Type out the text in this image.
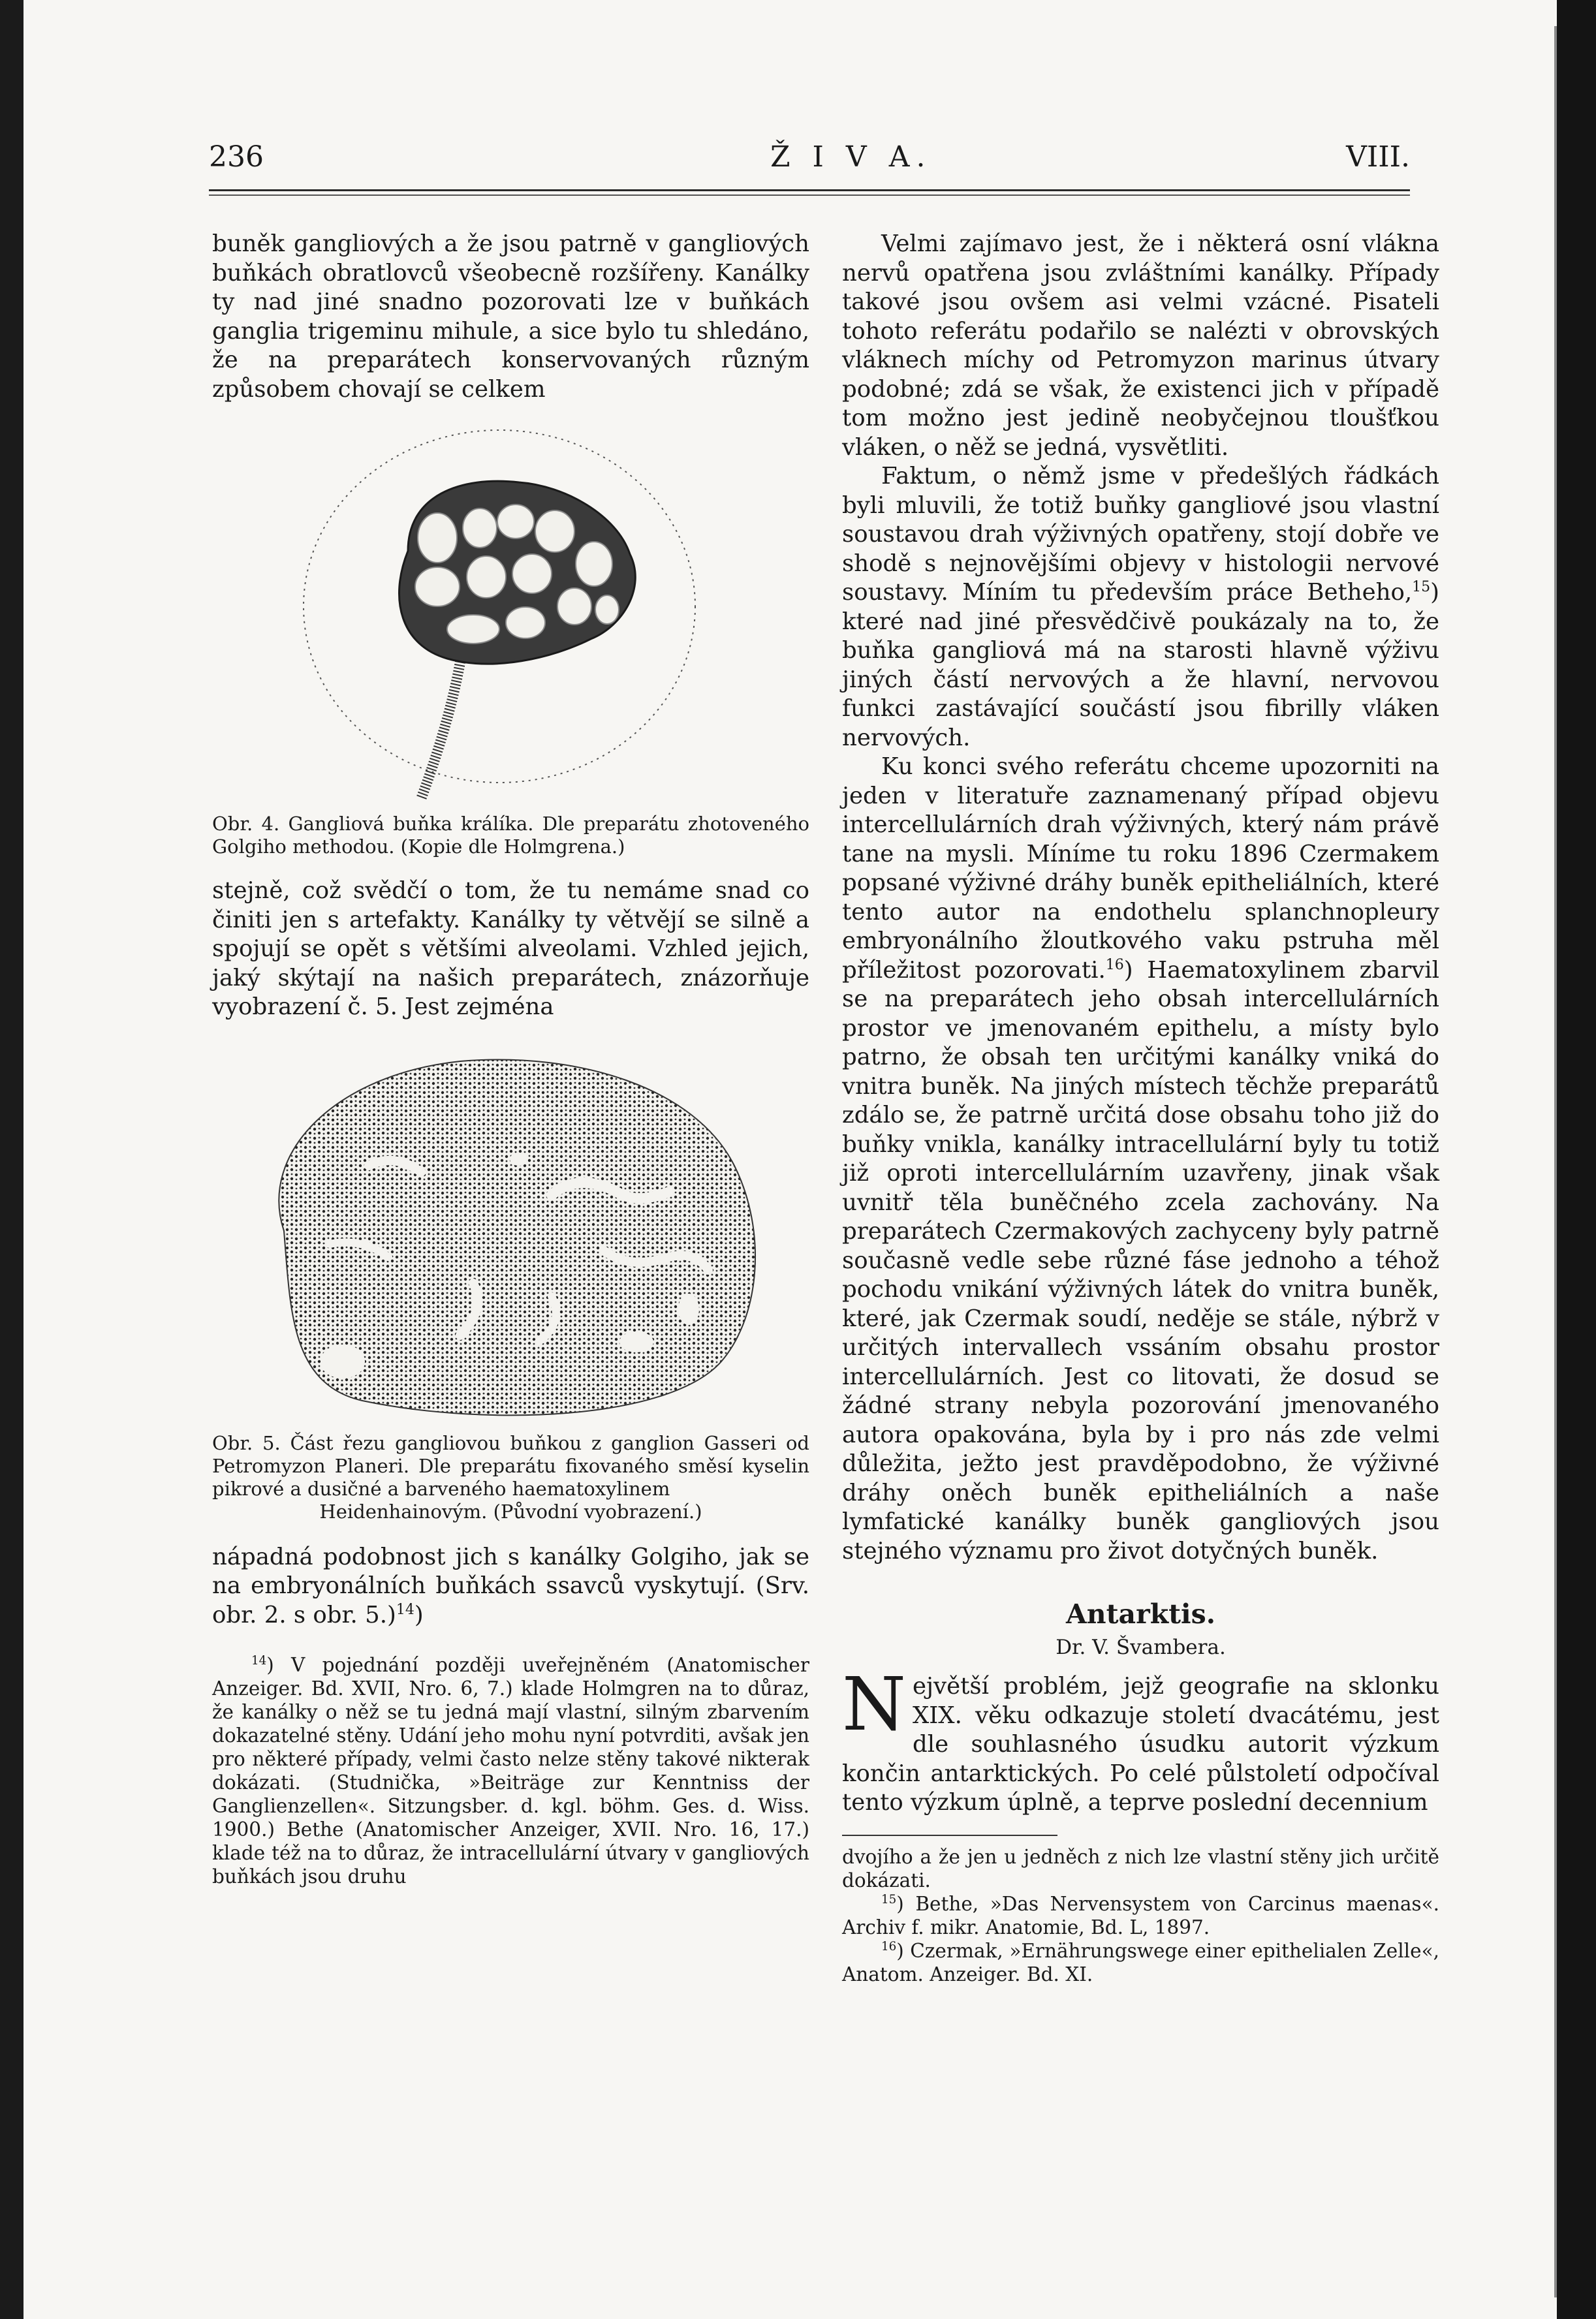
236	Ž I V A.	VIII.

buněk gangliových a že jsou patrně v gangliových buňkách obratlovců všeobecně rozšířeny. Kanálky ty nad jiné snadno pozorovati lze v buňkách ganglia trigeminu mihule, a sice bylo tu shledáno, že na preparátech konservovaných různým způsobem chovají se celkem

Obr. 4. Gangliová buňka králíka. Dle preparátu zhotoveného Golgiho methodou. (Kopie dle Holmgrena.)

stejně, což svědčí o tom, že tu nemáme snad co činiti jen s artefakty. Kanálky ty větvějí se silně a spojují se opět s většími alveolami. Vzhled jejich, jaký skýtají na našich preparátech, znázorňuje vyobrazení č. 5. Jest zejména

Obr. 5. Část řezu gangliovou buňkou z ganglion Gasseri od Petromyzon Planeri. Dle preparátu fixovaného směsí kyselin pikrové a dusičné a barveného haematoxylinem

Heidenhainovým. (Původní vyobrazení.)

nápadná podobnost jich s kanálky Golgiho, jak se na embryonálních buňkách ssavců vyskytují. (Srv. obr. 2. s obr. 5.)$^{14}$)

$^{14}$) V pojednání později uveřejněném (Anatomischer Anzeiger. Bd. XVII, Nro. 6, 7.) klade Holmgren na to důraz, že kanálky o něž se tu jedná mají vlastní, silným zbarvením dokazatelné stěny. Udání jeho mohu nyní potvrditi, avšak jen pro některé případy, velmi často nelze stěny takové nikterak dokázati. (Studnička, »Beiträge zur Kenntniss der Ganglienzellen«. Sitzungsber. d. kgl. böhm. Ges. d. Wiss. 1900.) Bethe (Anatomischer Anzeiger, XVII. Nro. 16, 17.) klade též na to důraz, že intracellulární útvary v gangliových buňkách jsou druhu

Velmi zajímavo jest, že i některá osní vlákna nervů opatřena jsou zvláštními kanálky. Případy takové jsou ovšem asi velmi vzácné. Pisateli tohoto referátu podařilo se nalézti v obrovských vláknech míchy od Petromyzon marinus útvary podobné; zdá se však, že existenci jich v případě tom možno jest jedině neobyčejnou tloušťkou vláken, o něž se jedná, vysvětliti.

Faktum, o němž jsme v předešlých řádkách byli mluvili, že totiž buňky gangliové jsou vlastní soustavou drah výživných opatřeny, stojí dobře ve shodě s nejnovějšími objevy v histologii nervové soustavy. Míním tu především práce Betheho,$^{15}$) které nad jiné přesvědčivě poukázaly na to, že buňka gangliová má na starosti hlavně výživu jiných částí nervových a že hlavní, nervovou funkci zastávající součástí jsou fibrilly vláken nervových.

Ku konci svého referátu chceme upozorniti na jeden v literatuře zaznamenaný případ objevu intercellulárních drah výživných, který nám právě tane na mysli. Míníme tu roku 1896 Czermakem popsané výživné dráhy buněk epitheliálních, které tento autor na endothelu splanchnopleury embryonálního žloutkového vaku pstruha měl příležitost pozorovati.$^{16}$) Haematoxylinem zbarvil se na preparátech jeho obsah intercellulárních prostor ve jmenovaném epithelu, a místy bylo patrno, že obsah ten určitými kanálky vniká do vnitra buněk. Na jiných místech těchže preparátů zdálo se, že patrně určitá dose obsahu toho již do buňky vnikla, kanálky intracellulární byly tu totiž již oproti intercellulárním uzavřeny, jinak však uvnitř těla buněčného zcela zachovány. Na preparátech Czermakových zachyceny byly patrně současně vedle sebe různé fáse jednoho a téhož pochodu vnikání výživných látek do vnitra buněk, které, jak Czermak soudí, neděje se stále, nýbrž v určitých intervallech vssáním obsahu prostor intercellulárních. Jest co litovati, že dosud se žádné strany nebyla pozorování jmenovaného autora opakována, byla by i pro nás zde velmi důležita, ježto jest pravděpodobno, že výživné dráhy oněch buněk epitheliálních a naše lymfatické kanálky buněk gangliových jsou stejného významu pro život dotyčných buněk.

Antarktis.

Dr. V. Švambera.

Největší problém, jejž geografie na sklonku XIX. věku odkazuje století dvacátému, jest dle souhlasného úsudku autorit výzkum končin antarktických. Po celé půlstoletí odpočíval tento výzkum úplně, a teprve poslední decennium

dvojího a že jen u jedněch z nich lze vlastní stěny jich určitě dokázati.

$^{15}$) Bethe, »Das Nervensystem von Carcinus maenas«. Archiv f. mikr. Anatomie, Bd. L, 1897.

$^{16}$) Czermak, »Ernährungswege einer epithelialen Zelle«, Anatom. Anzeiger. Bd. XI.
